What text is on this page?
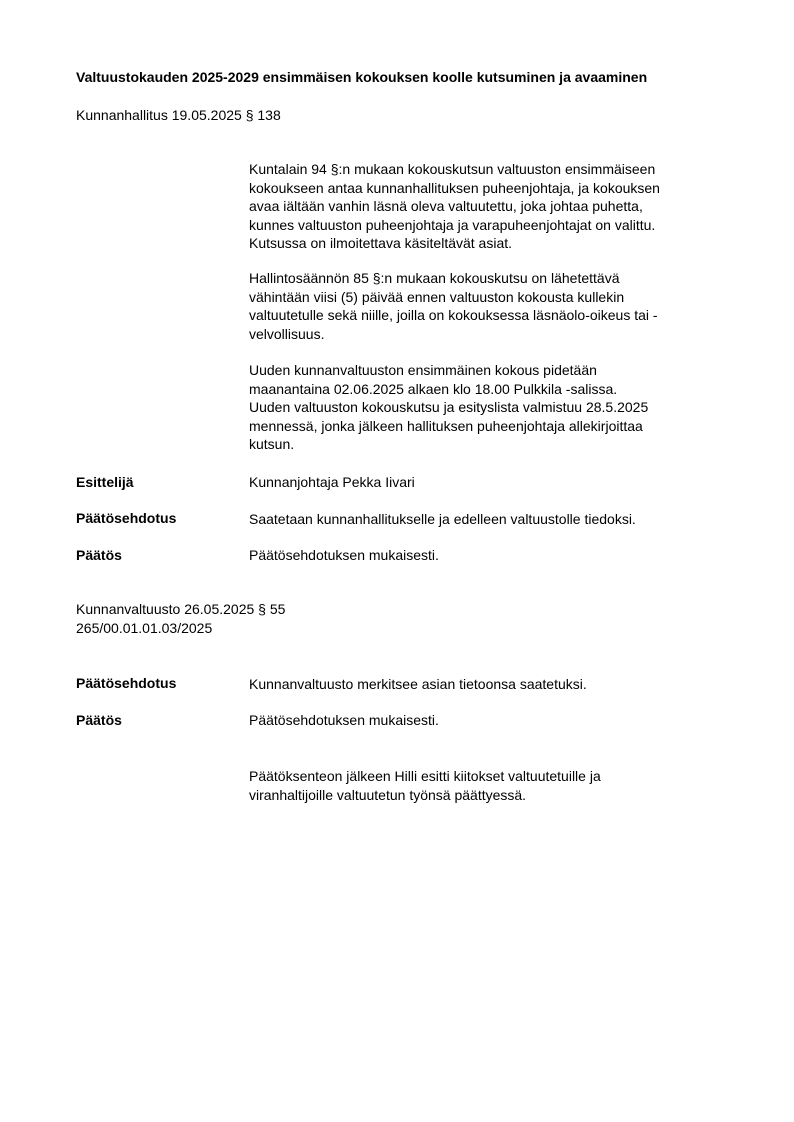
Valtuustokauden 2025-2029 ensimmäisen kokouksen koolle kutsuminen ja avaaminen
Kunnanhallitus 19.05.2025 § 138
Kuntalain 94 §:n mukaan kokouskutsun valtuuston ensimmäiseen
kokoukseen antaa kunnanhallituksen puheenjohtaja, ja kokouksen
avaa iältään vanhin läsnä oleva valtuutettu, joka johtaa puhetta,
kunnes valtuuston puheenjohtaja ja varapuheenjohtajat on valittu.
Kutsussa on ilmoitettava käsiteltävät asiat.
Hallintosäännön 85 §:n mukaan kokouskutsu on lähetettävä
vähintään viisi (5) päivää ennen valtuuston kokousta kullekin
valtuutetulle sekä niille, joilla on kokouksessa läsnäolo-oikeus tai -
velvollisuus.
Uuden kunnanvaltuuston ensimmäinen kokous pidetään
maanantaina 02.06.2025 alkaen klo 18.00 Pulkkila -salissa.
Uuden valtuuston kokouskutsu ja esityslista valmistuu 28.5.2025
mennessä, jonka jälkeen hallituksen puheenjohtaja allekirjoittaa
kutsun.
Esittelijä	Kunnanjohtaja Pekka Iivari
Päätösehdotus	Saatetaan kunnanhallitukselle ja edelleen valtuustolle tiedoksi.
Päätös	Päätösehdotuksen mukaisesti.
Kunnanvaltuusto 26.05.2025 § 55
265/00.01.01.03/2025
Päätösehdotus	Kunnanvaltuusto merkitsee asian tietoonsa saatetuksi.
Päätös	Päätösehdotuksen mukaisesti.
Päätöksenteon jälkeen Hilli esitti kiitokset valtuutetuille ja
viranhaltijoille valtuutetun työnsä päättyessä.
